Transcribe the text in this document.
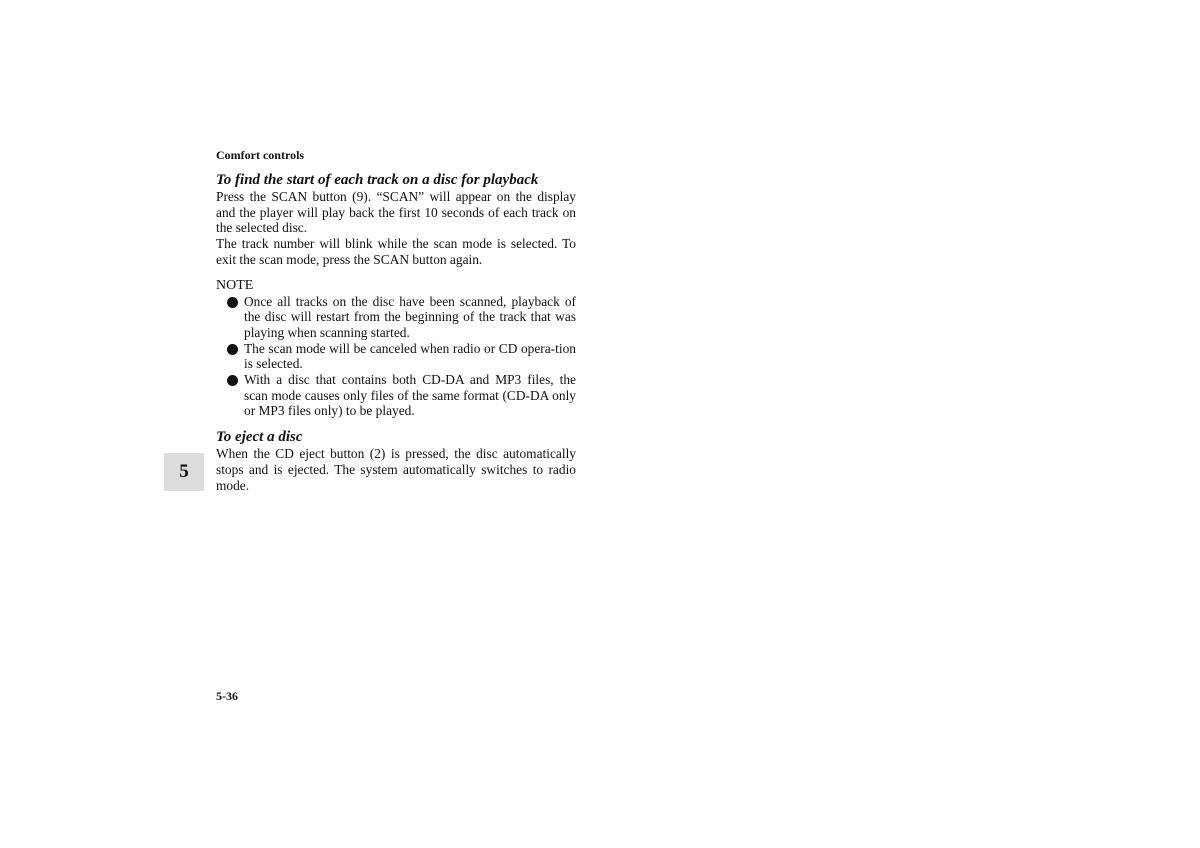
Comfort controls
To find the start of each track on a disc for playback

Press the SCAN button (9). “SCAN” will appear on the display and the player will play back the first 10 seconds of each track on the selected disc.

The track number will blink while the scan mode is selected. To exit the scan mode, press the SCAN button again.

NOTE
Once all tracks on the disc have been scanned, playback of the disc will restart from the beginning of the track that was playing when scanning started.
The scan mode will be canceled when radio or CD opera-tion is selected.
With a disc that contains both CD-DA and MP3 files, the scan mode causes only files of the same format (CD-DA only or MP3 files only) to be played.
To eject a disc

When the CD eject button (2) is pressed, the disc automatically stops and is ejected. The system automatically switches to radio mode.

5
5-36
